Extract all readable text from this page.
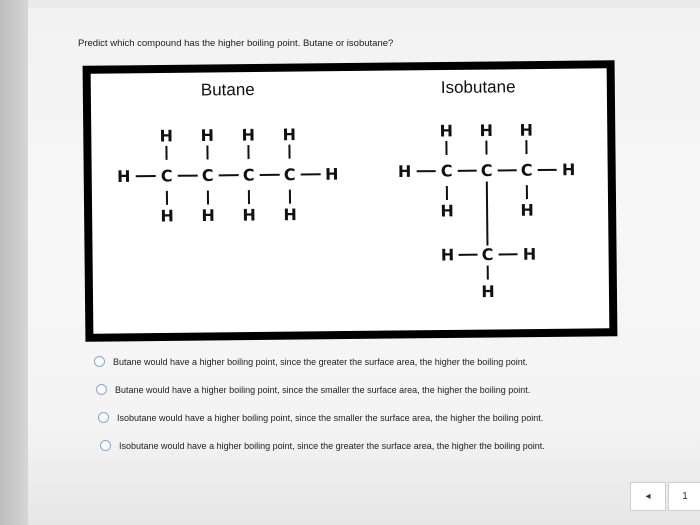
Predict which compound has the higher boiling point. Butane or isobutane?
Butane
H H H H
H C C C C H
H H H H
Isobutane
H H H
H C C C H
H	H
H C H
H
Butane would have a higher boiling point, since the greater the surface area, the higher the boiling point.
Butane would have a higher boiling point, since the smaller the surface area, the higher the boiling point.
Isobutane would have a higher boiling point, since the smaller the surface area, the higher the boiling point.
Isobutane would have a higher boiling point, since the greater the surface area, the higher the boiling point.
◂	1
